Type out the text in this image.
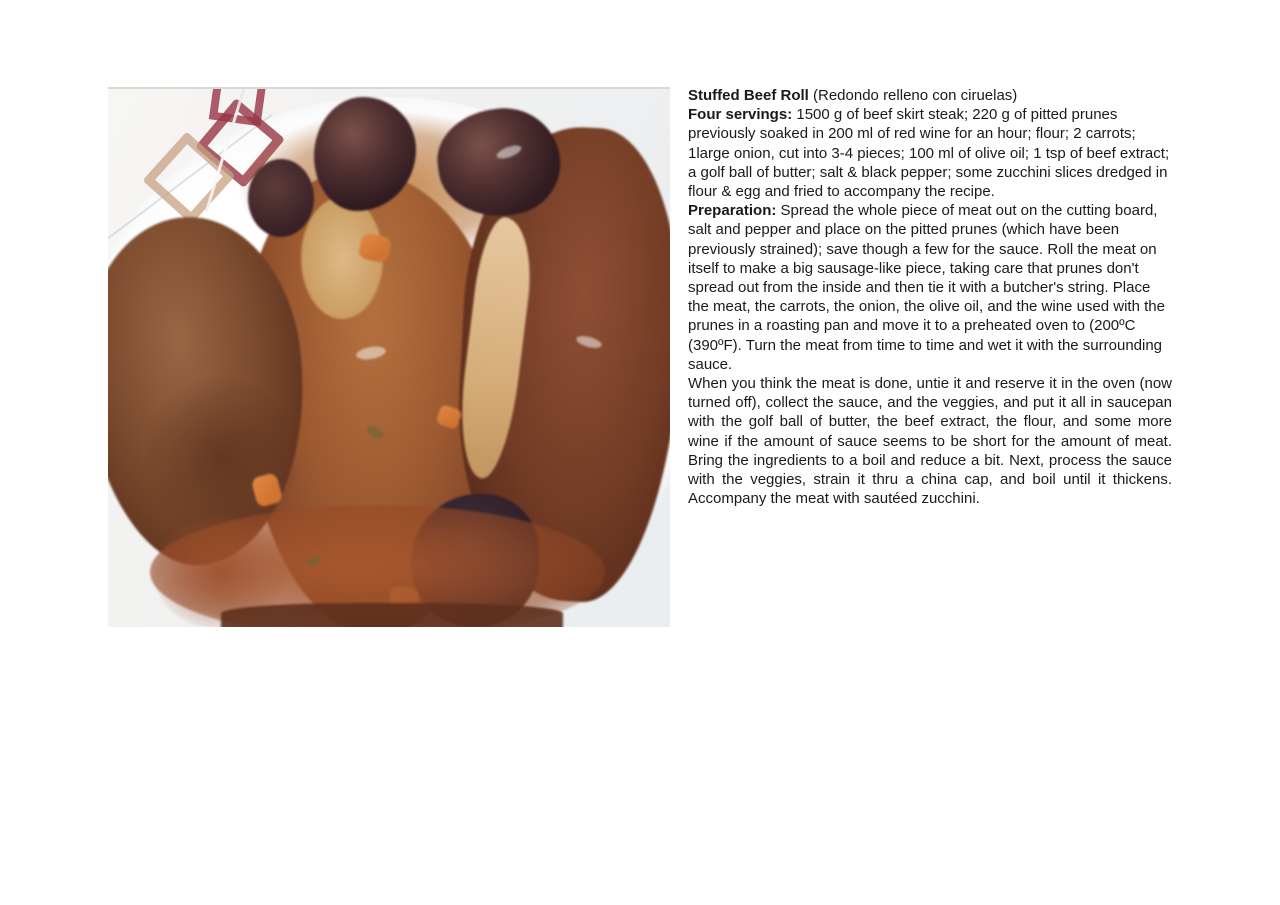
Stuffed Beef Roll (Redondo relleno con ciruelas)

Four servings: 1500 g of beef skirt steak; 220 g of pitted prunes previously soaked in 200 ml of red wine for an hour; flour; 2 carrots; 1large onion, cut into 3-4 pieces; 100 ml of olive oil; 1 tsp of beef extract; a golf ball of butter; salt & black pepper; some zucchini slices dredged in flour & egg and fried to accompany the recipe.

Preparation: Spread the whole piece of meat out on the cutting board, salt and pepper and place on the pitted prunes (which have been previously strained); save though a few for the sauce. Roll the meat on itself to make a big sausage-like piece, taking care that prunes don't spread out from the inside and then tie it with a butcher's string. Place the meat, the carrots, the onion, the olive oil, and the wine used with the prunes in a roasting pan and move it to a preheated oven to (200ºC (390ºF). Turn the meat from time to time and wet it with the surrounding sauce.

When you think the meat is done, untie it and reserve it in the oven (now turned off), collect the sauce, and the veggies, and put it all in saucepan with the golf ball of butter, the beef extract, the flour, and some more wine if the amount of sauce seems to be short for the amount of meat. Bring the ingredients to a boil and reduce a bit. Next, process the sauce with the veggies, strain it thru a china cap, and boil until it thickens. Accompany the meat with sautéed zucchini.
